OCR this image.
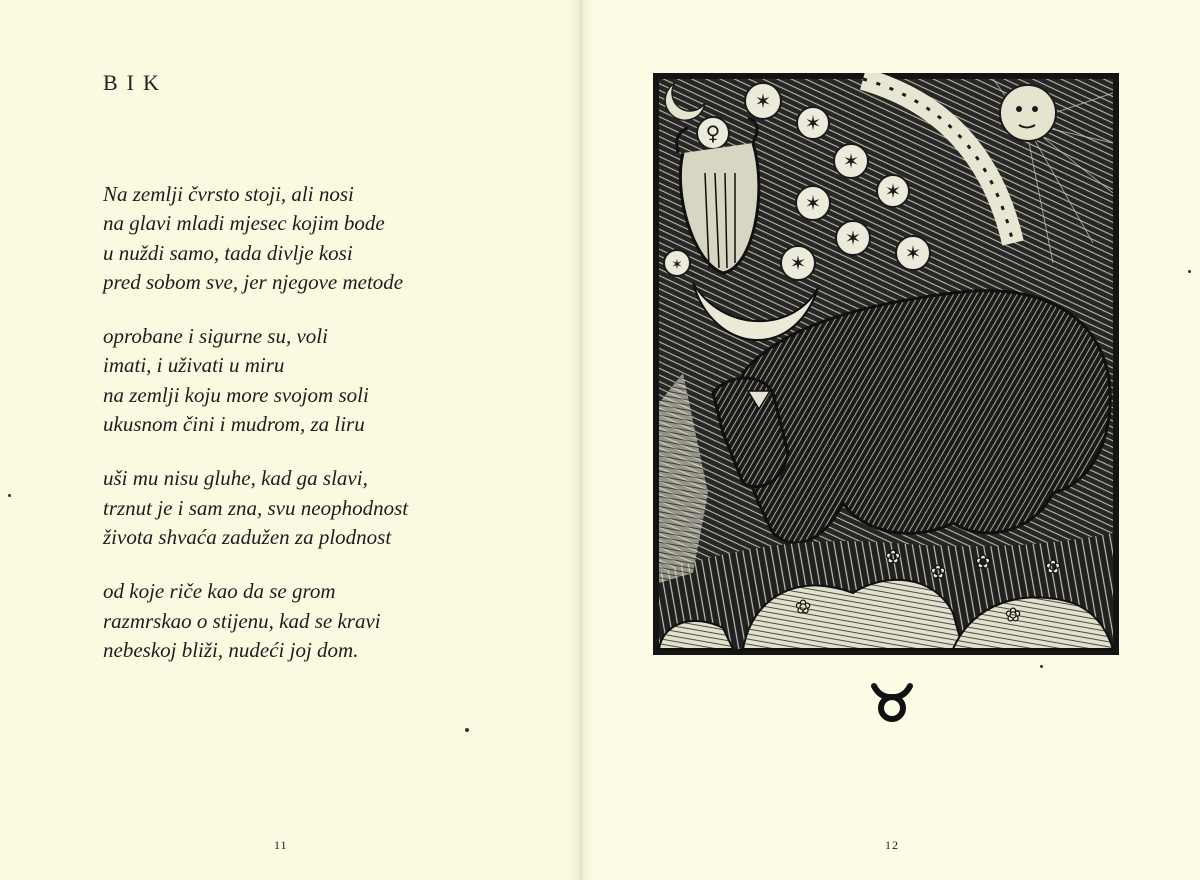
BIK
Na zemlji čvrsto stoji, ali nosi
na glavi mladi mjesec kojim bode
u nuždi samo, tada divlje kosi
pred sobom sve, jer njegove metode
oprobane i sigurne su, voli
imati, i uživati u miru
na zemlji koju more svojom soli
ukusnom čini i mudrom, za liru
uši mu nisu gluhe, kad ga slavi,
trznut je i sam zna, svu neophodnost
života shvaća zadužen za plodnost
od koje riče kao da se grom
razmrskao o stijenu, kad se kravi
nebeskoj bliži, nudeći joj dom.
11
✶
✶
✶
✶
✶
✶
✶
✶
♀
✶
✿
✿ ✿	✿
✿	✿
12
